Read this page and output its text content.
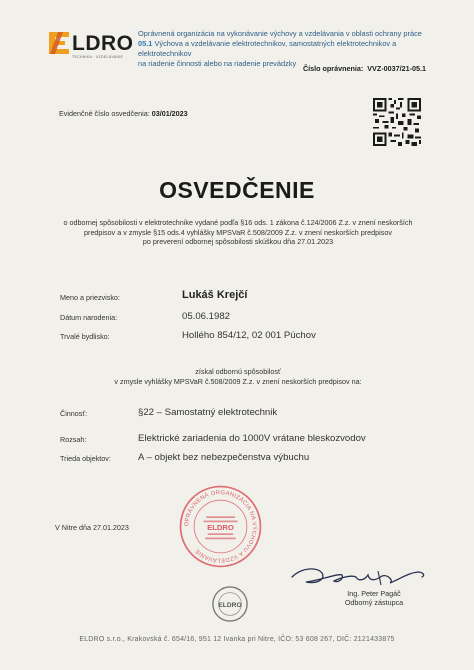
LDRO
TECHNIKA · VZDELÁVANIE
Oprávnená organizácia na vykonávanie výchovy a vzdelávania v oblasti ochrany práce
05.1 Výchova a vzdelávanie elektrotechnikov, samostatných elektrotechnikov a elektrotechnikov
na riadenie činnosti alebo na riadenie prevádzky
Číslo oprávnenia: VVZ-0037/21-05.1
Evidenčné číslo osvedčenia: 03/01/2023
OSVEDČENIE
o odbornej spôsobilosti v elektrotechnike vydané podľa §16 ods. 1 zákona č.124/2006 Z.z. v znení neskorších
predpisov a v zmysle §15 ods.4 vyhlášky MPSVaR č.508/2009 Z.z. v znení neskorších predpisov
po preverení odbornej spôsobilosti skúškou dňa 27.01.2023
Meno a priezvisko:	Lukáš Krejčí
Dátum narodenia:	05.06.1982
Trvalé bydlisko:	Hollého 854/12, 02 001 Púchov
získal odbornú spôsobilosť
v zmysle vyhlášky MPSVaR č.508/2009 Z.z. v znení neskorších predpisov na:
Činnosť:	§22 – Samostatný elektrotechnik
Rozsah:	Elektrické zariadenia do 1000V vrátane bleskozvodov
Trieda objektov:	A – objekt bez nebezpečenstva výbuchu
V Nitre dňa 27.01.2023	OPRÁVNENÁ ORGANIZÁCIA NA VÝCHOVU A VZDELÁVANIE
ELDRO
ELDRO
Ing. Peter Pagáč
Odborný zástupca
ELDRO s.r.o., Krakovská č. 654/16, 951 12 Ivanka pri Nitre, IČO: 53 608 267, DIČ: 2121433875
